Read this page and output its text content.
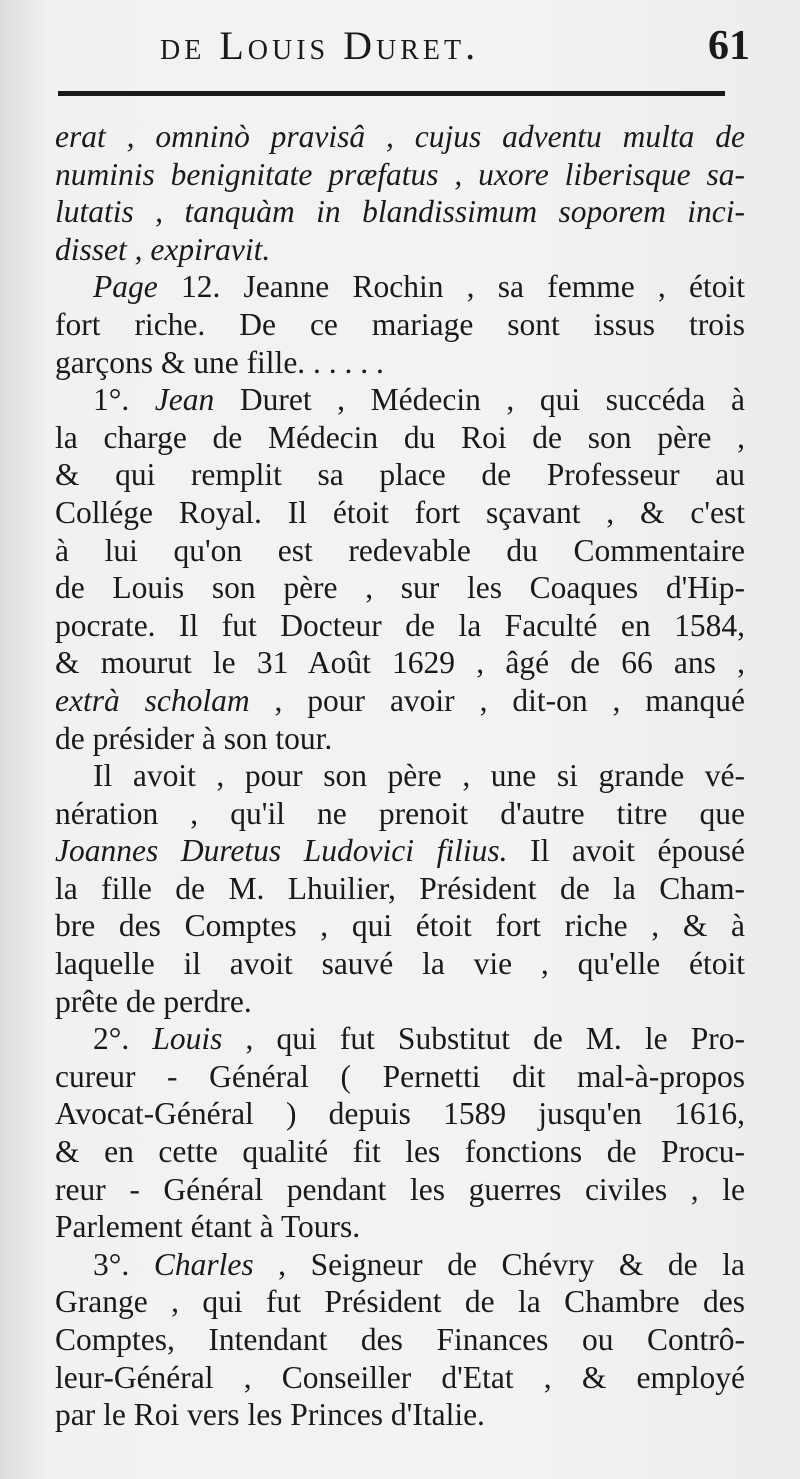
de Louis Duret.	61
erat , omninò pravisâ , cujus adventu multa de
numinis benignitate præfatus , uxore liberisque sa-
lutatis , tanquàm in blandissimum soporem inci-
disset , expiravit.
Page 12. Jeanne Rochin , sa femme , étoit
fort riche. De ce mariage sont issus trois
garçons & une fille. . . . . .
1°. Jean Duret , Médecin , qui succéda à
la charge de Médecin du Roi de son père ,
& qui remplit sa place de Professeur au
Collége Royal. Il étoit fort sçavant , & c'est
à lui qu'on est redevable du Commentaire
de Louis son père , sur les Coaques d'Hip-
pocrate. Il fut Docteur de la Faculté en 1584,
& mourut le 31 Août 1629 , âgé de 66 ans ,
extrà scholam , pour avoir , dit-on , manqué
de présider à son tour.
Il avoit , pour son père , une si grande vé-
nération , qu'il ne prenoit d'autre titre que
Joannes Duretus Ludovici filius. Il avoit épousé
la fille de M. Lhuilier, Président de la Cham-
bre des Comptes , qui étoit fort riche , & à
laquelle il avoit sauvé la vie , qu'elle étoit
prête de perdre.
2°. Louis , qui fut Substitut de M. le Pro-
cureur - Général ( Pernetti dit mal-à-propos
Avocat-Général ) depuis 1589 jusqu'en 1616,
& en cette qualité fit les fonctions de Procu-
reur - Général pendant les guerres civiles , le
Parlement étant à Tours.
3°. Charles , Seigneur de Chévry & de la
Grange , qui fut Président de la Chambre des
Comptes, Intendant des Finances ou Contrô-
leur-Général , Conseiller d'Etat , & employé
par le Roi vers les Princes d'Italie.
